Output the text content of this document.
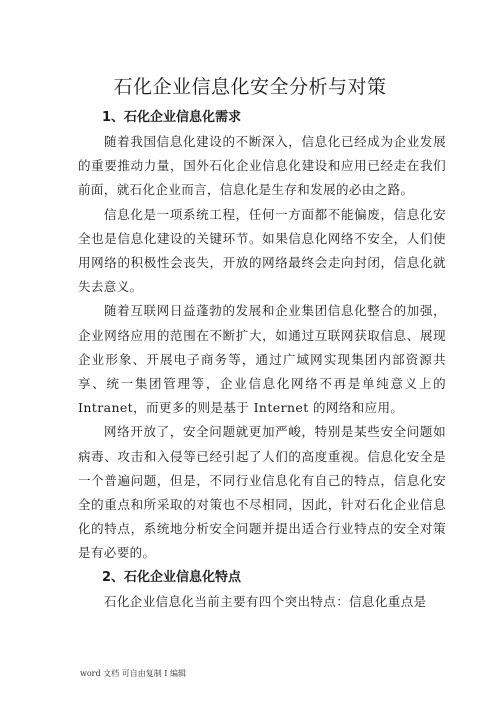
石化企业信息化安全分析与对策
1、石化企业信息化需求

随着我国信息化建设的不断深入，信息化已经成为企业发展的重要推动力量，国外石化企业信息化建设和应用已经走在我们前面，就石化企业而言，信息化是生存和发展的必由之路。

信息化是一项系统工程，任何一方面都不能偏废，信息化安全也是信息化建设的关键环节。如果信息化网络不安全，人们使用网络的积极性会丧失，开放的网络最终会走向封闭，信息化就失去意义。

随着互联网日益蓬勃的发展和企业集团信息化整合的加强，企业网络应用的范围在不断扩大，如通过互联网获取信息、展现企业形象、开展电子商务等，通过广域网实现集团内部资源共享、统一集团管理等，企业信息化网络不再是单纯意义上的 Intranet，而更多的则是基于 Internet 的网络和应用。

网络开放了，安全问题就更加严峻，特别是某些安全问题如病毒、攻击和入侵等已经引起了人们的高度重视。信息化安全是一个普遍问题，但是，不同行业信息化有自己的特点，信息化安全的重点和所采取的对策也不尽相同，因此，针对石化企业信息化的特点，系统地分析安全问题并提出适合行业特点的安全对策是有必要的。

2、石化企业信息化特点

石化企业信息化当前主要有四个突出特点：信息化重点是

word 文档 可自由复制 I 编辑
